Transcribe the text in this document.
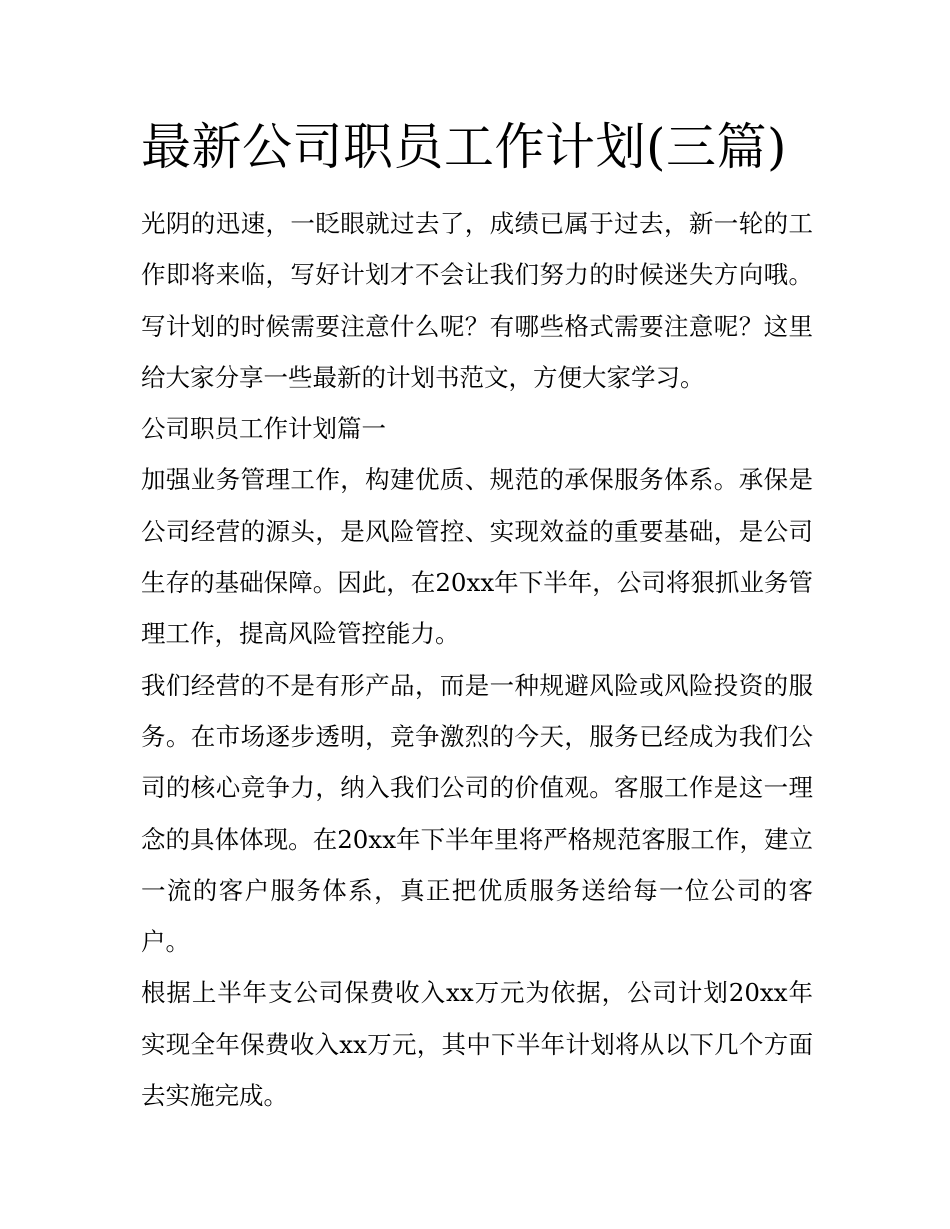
最新公司职员工作计划(三篇)

光阴的迅速，一眨眼就过去了，成绩已属于过去，新一轮的工作即将来临，写好计划才不会让我们努力的时候迷失方向哦。写计划的时候需要注意什么呢？有哪些格式需要注意呢？这里给大家分享一些最新的计划书范文，方便大家学习。

公司职员工作计划篇一

加强业务管理工作，构建优质、规范的承保服务体系。承保是公司经营的源头，是风险管控、实现效益的重要基础，是公司生存的基础保障。因此，在20xx年下半年，公司将狠抓业务管理工作，提高风险管控能力。

我们经营的不是有形产品，而是一种规避风险或风险投资的服务。在市场逐步透明，竞争激烈的今天，服务已经成为我们公司的核心竞争力，纳入我们公司的价值观。客服工作是这一理念的具体体现。在20xx年下半年里将严格规范客服工作，建立一流的客户服务体系，真正把优质服务送给每一位公司的客户。

根据上半年支公司保费收入xx万元为依据，公司计划20xx年实现全年保费收入xx万元，其中下半年计划将从以下几个方面去实施完成。
